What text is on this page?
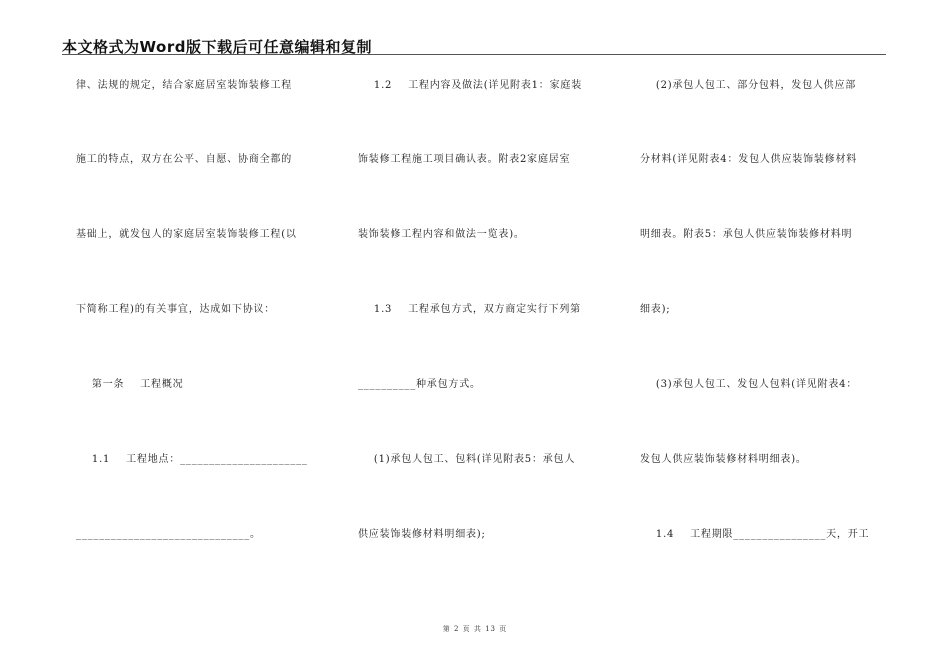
本文格式为Word版下载后可任意编辑和复制
律、法规的规定，结合家庭居室装饰装修工程
施工的特点，双方在公平、自愿、协商全都的
基础上，就发包人的家庭居室装饰装修工程(以
下简称工程)的有关事宜，达成如下协议：
第一条    工程概况
1.1    工程地点：______________________
______________________________。
1.2    工程内容及做法(详见附表1：家庭装
饰装修工程施工项目确认表。附表2家庭居室
装饰装修工程内容和做法一览表)。
1.3    工程承包方式，双方商定实行下列第
__________种承包方式。
(1)承包人包工、包料(详见附表5：承包人
供应装饰装修材料明细表);
(2)承包人包工、部分包料，发包人供应部
分材料(详见附表4：发包人供应装饰装修材料
明细表。附表5：承包人供应装饰装修材料明
细表);
(3)承包人包工、发包人包料(详见附表4：
发包人供应装饰装修材料明细表)。
1.4    工程期限________________天，开工
第 2 页 共 13 页
